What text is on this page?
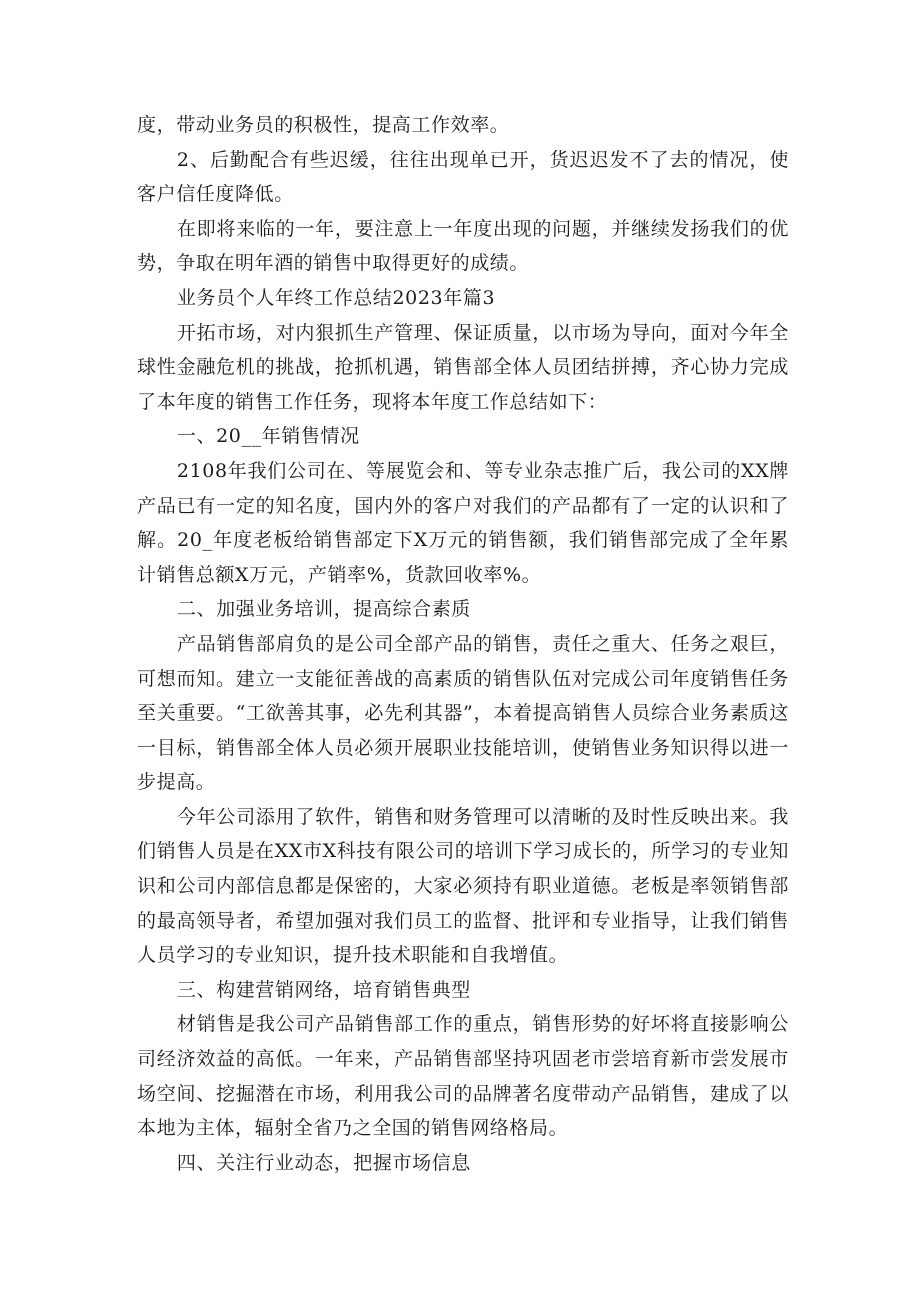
度，带动业务员的积极性，提高工作效率。

2、后勤配合有些迟缓，往往出现单已开，货迟迟发不了去的情况，使客户信任度降低。

在即将来临的一年，要注意上一年度出现的问题，并继续发扬我们的优势，争取在明年酒的销售中取得更好的成绩。

业务员个人年终工作总结2023年篇3

开拓市场，对内狠抓生产管理、保证质量，以市场为导向，面对今年全球性金融危机的挑战，抢抓机遇，销售部全体人员团结拼搏，齐心协力完成了本年度的销售工作任务，现将本年度工作总结如下：

一、20__年销售情况

2108年我们公司在、等展览会和、等专业杂志推广后，我公司的XX牌产品已有一定的知名度，国内外的客户对我们的产品都有了一定的认识和了解。20_年度老板给销售部定下X万元的销售额，我们销售部完成了全年累计销售总额X万元，产销率%，货款回收率%。

二、加强业务培训，提高综合素质

产品销售部肩负的是公司全部产品的销售，责任之重大、任务之艰巨，可想而知。建立一支能征善战的高素质的销售队伍对完成公司年度销售任务至关重要。“工欲善其事，必先利其器”，本着提高销售人员综合业务素质这一目标，销售部全体人员必须开展职业技能培训，使销售业务知识得以进一步提高。

今年公司添用了软件，销售和财务管理可以清晰的及时性反映出来。我们销售人员是在XX市X科技有限公司的培训下学习成长的，所学习的专业知识和公司内部信息都是保密的，大家必须持有职业道德。老板是率领销售部的最高领导者，希望加强对我们员工的监督、批评和专业指导，让我们销售人员学习的专业知识，提升技术职能和自我增值。

三、构建营销网络，培育销售典型

材销售是我公司产品销售部工作的重点，销售形势的好坏将直接影响公司经济效益的高低。一年来，产品销售部坚持巩固老市尝培育新市尝发展市场空间、挖掘潜在市场，利用我公司的品牌著名度带动产品销售，建成了以本地为主体，辐射全省乃之全国的销售网络格局。

四、关注行业动态，把握市场信息
